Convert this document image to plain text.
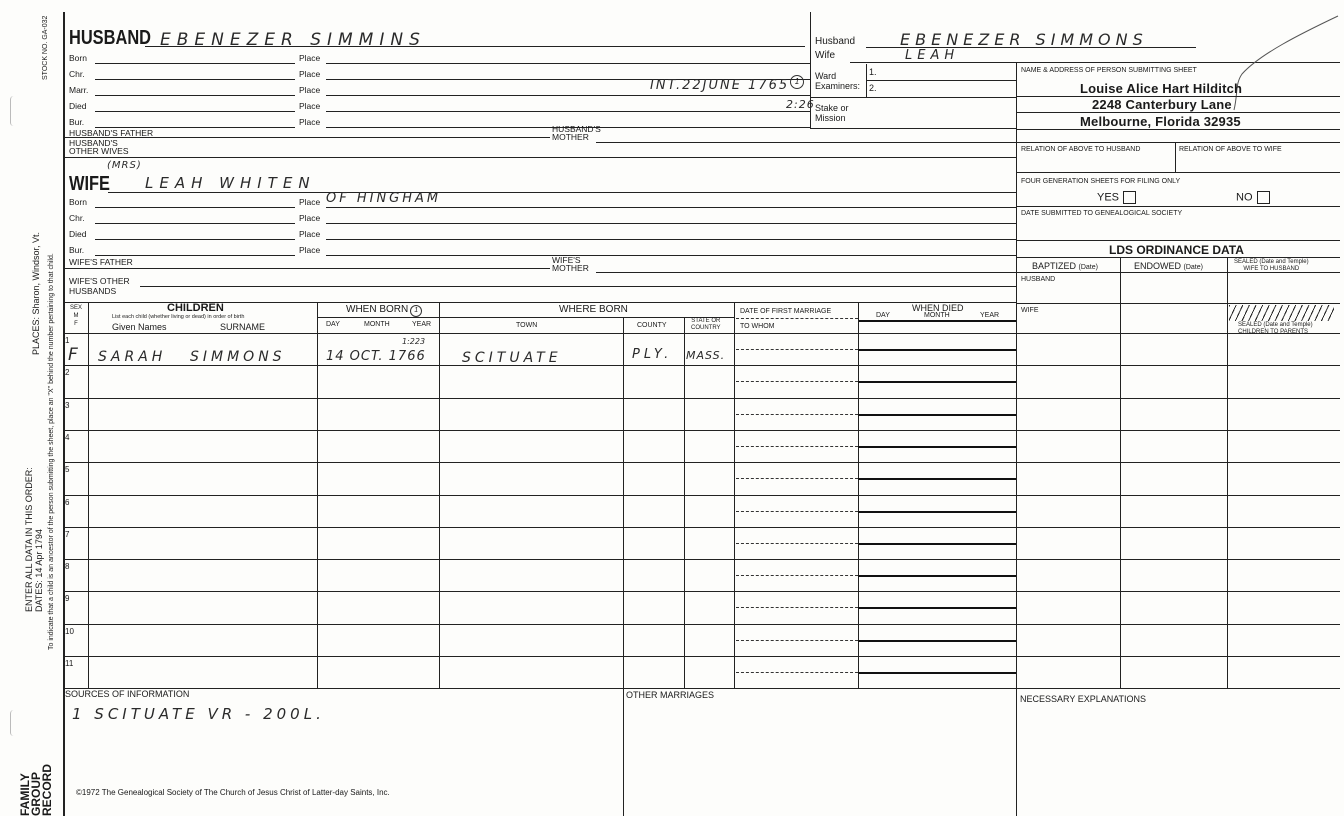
STOCK NO. GA-032
PLACES: Sharon, Windsor, Vt. To indicate that a child is an ancestor of the person submitting the sheet, place an "X" behind the number pertaining to that child.
ENTER ALL DATA IN THIS ORDER: DATES: 14 Apr 1794
FAMILY
GROUP
RECORD
HUSBAND EBENEZER SIMMINS
Born	Place
Chr.	Place
Marr.	Place	INT.22JUNE 1765 1
Died	Place	2:26
Bur.	Place
HUSBAND'S FATHER	HUSBAND'S
MOTHER
HUSBAND'S
OTHER WIVES
WIFE
(MRS)
LEAH WHITEN
Born	Place OF HINGHAM
Chr.	Place
Died	Place
Bur.	Place
WIFE'S FATHER	WIFE'S
MOTHER
WIFE'S OTHER
HUSBANDS
Husband	EBENEZER SIMMONS
Wife	LEAH
Ward
Examiners:
1.
2.
Stake or
Mission
NAME & ADDRESS OF PERSON SUBMITTING SHEET
Louise Alice Hart Hilditch
2248 Canterbury Lane
Melbourne, Florida 32935
RELATION OF ABOVE TO HUSBAND	RELATION OF ABOVE TO WIFE
FOUR GENERATION SHEETS FOR FILING ONLY
YES	NO
DATE SUBMITTED TO GENEALOGICAL SOCIETY
LDS ORDINANCE DATA
BAPTIZED (Date)	ENDOWED (Date)
SEALED (Date and Temple)
WIFE TO HUSBAND
HUSBAND
WIFE
SEALED (Date and Temple)
CHILDREN TO PARENTS
SEX
M
F
CHILDREN
List each child (whether living or dead) in order of birth
Given Names	SURNAME
WHEN BORN 1
DAY	MONTH	YEAR
WHERE BORN
TOWN	COUNTY
STATE OR
COUNTRY
DATE OF FIRST MARRIAGE
TO WHOM
WHEN DIED
DAY	MONTH	YEAR
1
F SARAH SIMMONS	14 OCT. 1766
1:223
SCITUATE	PLY. MASS.
2
3
4
5
6
7
8
9
10
11
SOURCES OF INFORMATION
1 SCITUATE VR - 200L.
OTHER MARRIAGES	NECESSARY EXPLANATIONS
©1972 The Genealogical Society of The Church of Jesus Christ of Latter-day Saints, Inc.
